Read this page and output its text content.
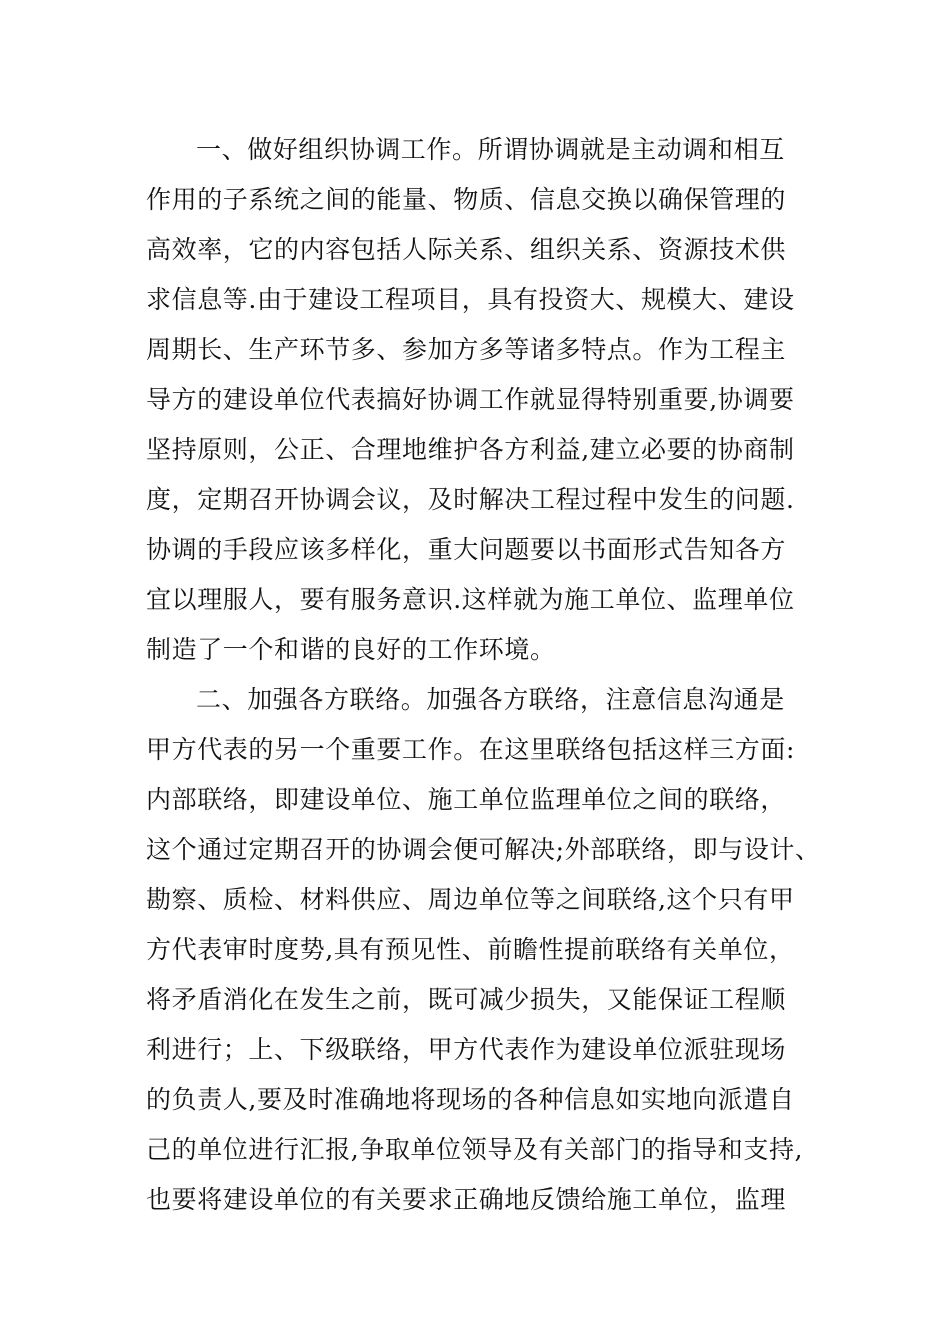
一、做好组织协调工作。所谓协调就是主动调和相互
作用的子系统之间的能量、物质、信息交换以确保管理的
高效率，它的内容包括人际关系、组织关系、资源技术供
求信息等.由于建设工程项目，具有投资大、规模大、建设
周期长、生产环节多、参加方多等诸多特点。作为工程主
导方的建设单位代表搞好协调工作就显得特别重要,协调要
坚持原则，公正、合理地维护各方利益,建立必要的协商制
度，定期召开协调会议，及时解决工程过程中发生的问题.
协调的手段应该多样化，重大问题要以书面形式告知各方
宜以理服人，要有服务意识.这样就为施工单位、监理单位
制造了一个和谐的良好的工作环境。
二、加强各方联络。加强各方联络，注意信息沟通是
甲方代表的另一个重要工作。在这里联络包括这样三方面:
内部联络，即建设单位、施工单位监理单位之间的联络，
这个通过定期召开的协调会便可解决;外部联络，即与设计、
勘察、质检、材料供应、周边单位等之间联络,这个只有甲
方代表审时度势,具有预见性、前瞻性提前联络有关单位，
将矛盾消化在发生之前，既可减少损失，又能保证工程顺
利进行；上、下级联络，甲方代表作为建设单位派驻现场
的负责人,要及时准确地将现场的各种信息如实地向派遣自
己的单位进行汇报,争取单位领导及有关部门的指导和支持,
也要将建设单位的有关要求正确地反馈给施工单位，监理
